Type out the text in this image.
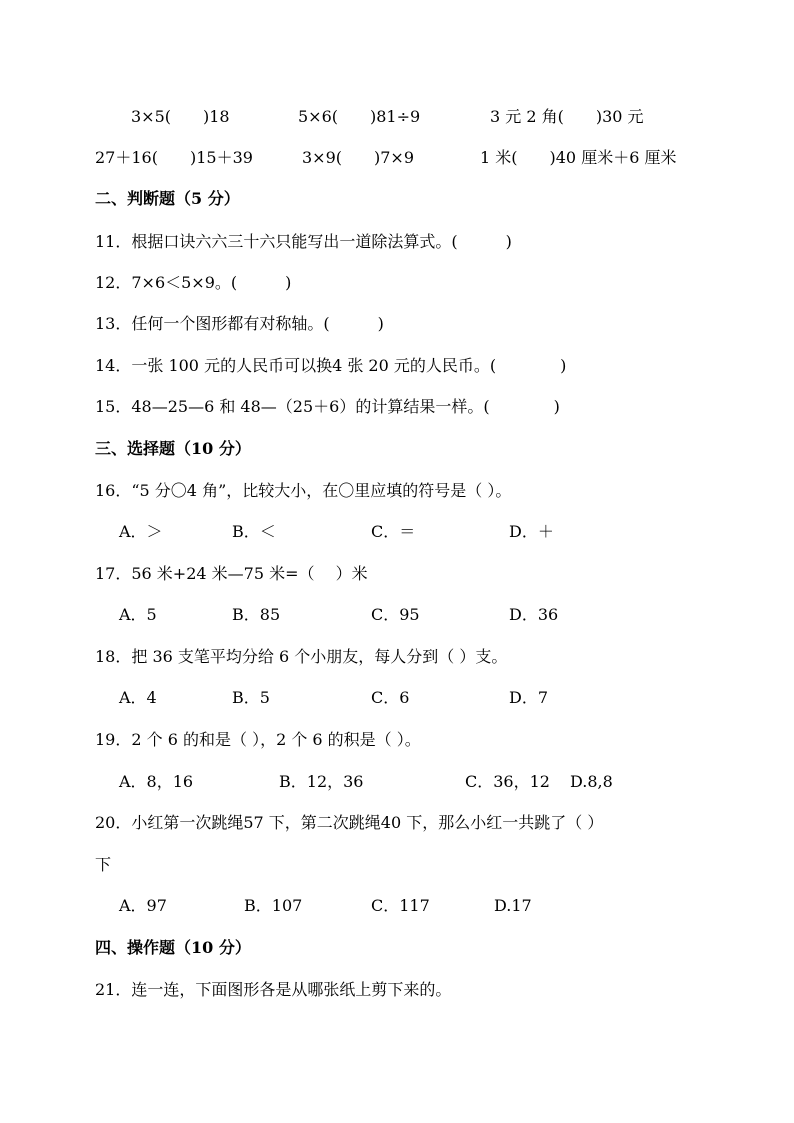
3×5(　　)18	5×6(　　)81÷9	3 元 2 角(　　)30 元
27＋16(　　)15＋39	3×9(　　)7×9	1 米(　　)40 厘米＋6 厘米
二、判断题（5 分）
11．根据口诀六六三十六只能写出一道除法算式。(　　　)
12．7×6＜5×9。(　　　)
13．任何一个图形都有对称轴。(　　　)
14．一张 100 元的人民币可以换4 张 20 元的人民币。(　　　　)
15．48—25—6 和 48—（25＋6）的计算结果一样。(　　　　)
三、选择题（10 分）
16．“5 分〇4 角”，比较大小，在〇里应填的符号是（ ）。
A．＞	B．＜	C．＝	D．＋
17．56 米+24 米—75 米=（　 ）米
A．5	B．85	C．95	D．36
18．把 36 支笔平均分给 6 个小朋友，每人分到（ ）支。
A．4	B．5	C．6	D．7
19．2 个 6 的和是（ ），2 个 6 的积是（ ）。
A．8，16	B．12，36	C．36，12 D.8,8
20．小红第一次跳绳57 下，第二次跳绳40 下，那么小红一共跳了（ ）
下
A．97	B．107	C．117	D.17
四、操作题（10 分）
21．连一连，下面图形各是从哪张纸上剪下来的。
